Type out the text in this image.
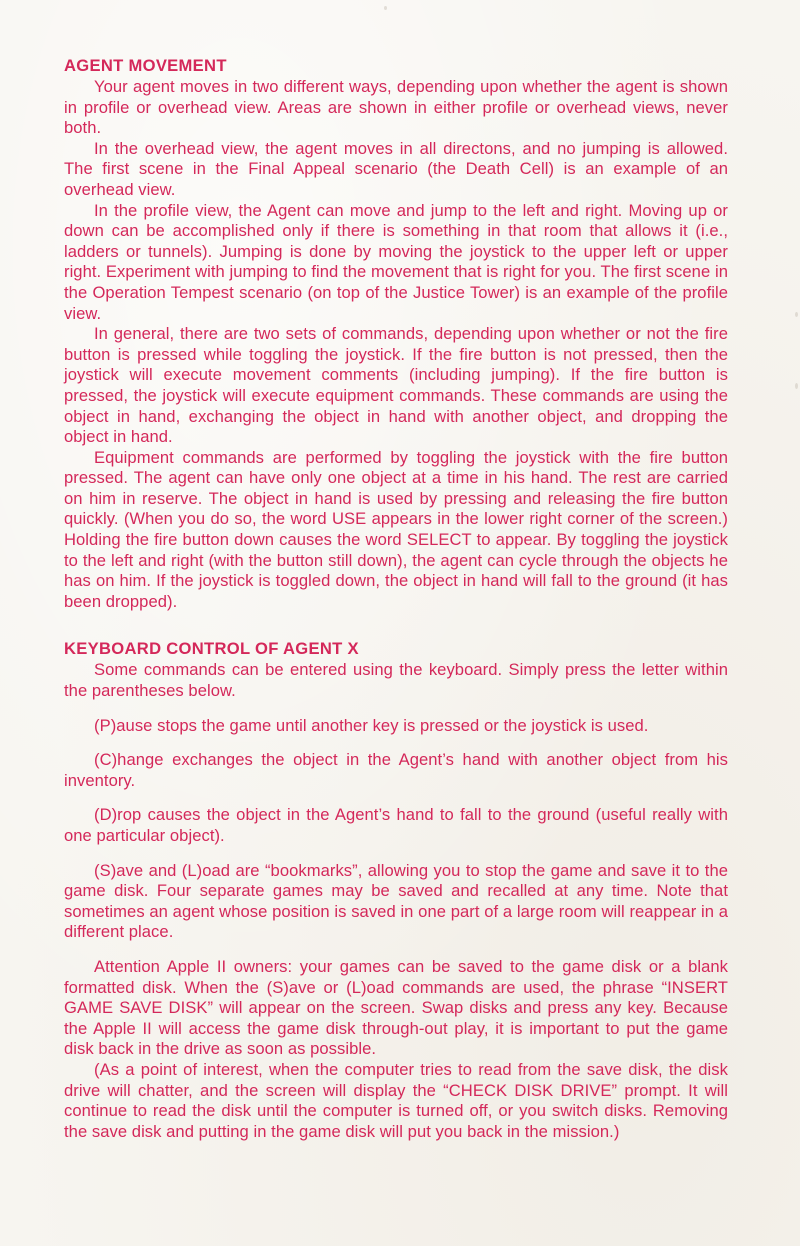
AGENT MOVEMENT

Your agent moves in two different ways, depending upon whether the agent is shown in profile or overhead view. Areas are shown in either profile or overhead views, never both.

In the overhead view, the agent moves in all directons, and no jumping is allowed. The first scene in the Final Appeal scenario (the Death Cell) is an example of an overhead view.

In the profile view, the Agent can move and jump to the left and right. Moving up or down can be accomplished only if there is something in that room that allows it (i.e., ladders or tunnels). Jumping is done by moving the joystick to the upper left or upper right. Experiment with jumping to find the movement that is right for you. The first scene in the Operation Tempest scenario (on top of the Justice Tower) is an example of the profile view.

In general, there are two sets of commands, depending upon whether or not the fire button is pressed while toggling the joystick. If the fire button is not pressed, then the joystick will execute movement comments (including jumping). If the fire button is pressed, the joystick will execute equipment commands. These commands are using the object in hand, exchanging the object in hand with another object, and dropping the object in hand.

Equipment commands are performed by toggling the joystick with the fire button pressed. The agent can have only one object at a time in his hand. The rest are carried on him in reserve. The object in hand is used by pressing and releasing the fire button quickly. (When you do so, the word USE appears in the lower right corner of the screen.) Holding the fire button down causes the word SELECT to appear. By toggling the joystick to the left and right (with the button still down), the agent can cycle through the objects he has on him. If the joystick is toggled down, the object in hand will fall to the ground (it has been dropped).

KEYBOARD CONTROL OF AGENT X

Some commands can be entered using the keyboard. Simply press the letter within the parentheses below.

(P)ause stops the game until another key is pressed or the joystick is used.

(C)hange exchanges the object in the Agent’s hand with another object from his inventory.

(D)rop causes the object in the Agent’s hand to fall to the ground (useful really with one particular object).

(S)ave and (L)oad are “bookmarks”, allowing you to stop the game and save it to the game disk. Four separate games may be saved and recalled at any time. Note that sometimes an agent whose position is saved in one part of a large room will reappear in a different place.

Attention Apple II owners: your games can be saved to the game disk or a blank formatted disk. When the (S)ave or (L)oad commands are used, the phrase “INSERT GAME SAVE DISK” will appear on the screen. Swap disks and press any key. Because the Apple II will access the game disk through-out play, it is important to put the game disk back in the drive as soon as possible.

(As a point of interest, when the computer tries to read from the save disk, the disk drive will chatter, and the screen will display the “CHECK DISK DRIVE” prompt. It will continue to read the disk until the computer is turned off, or you switch disks. Removing the save disk and putting in the game disk will put you back in the mission.)
